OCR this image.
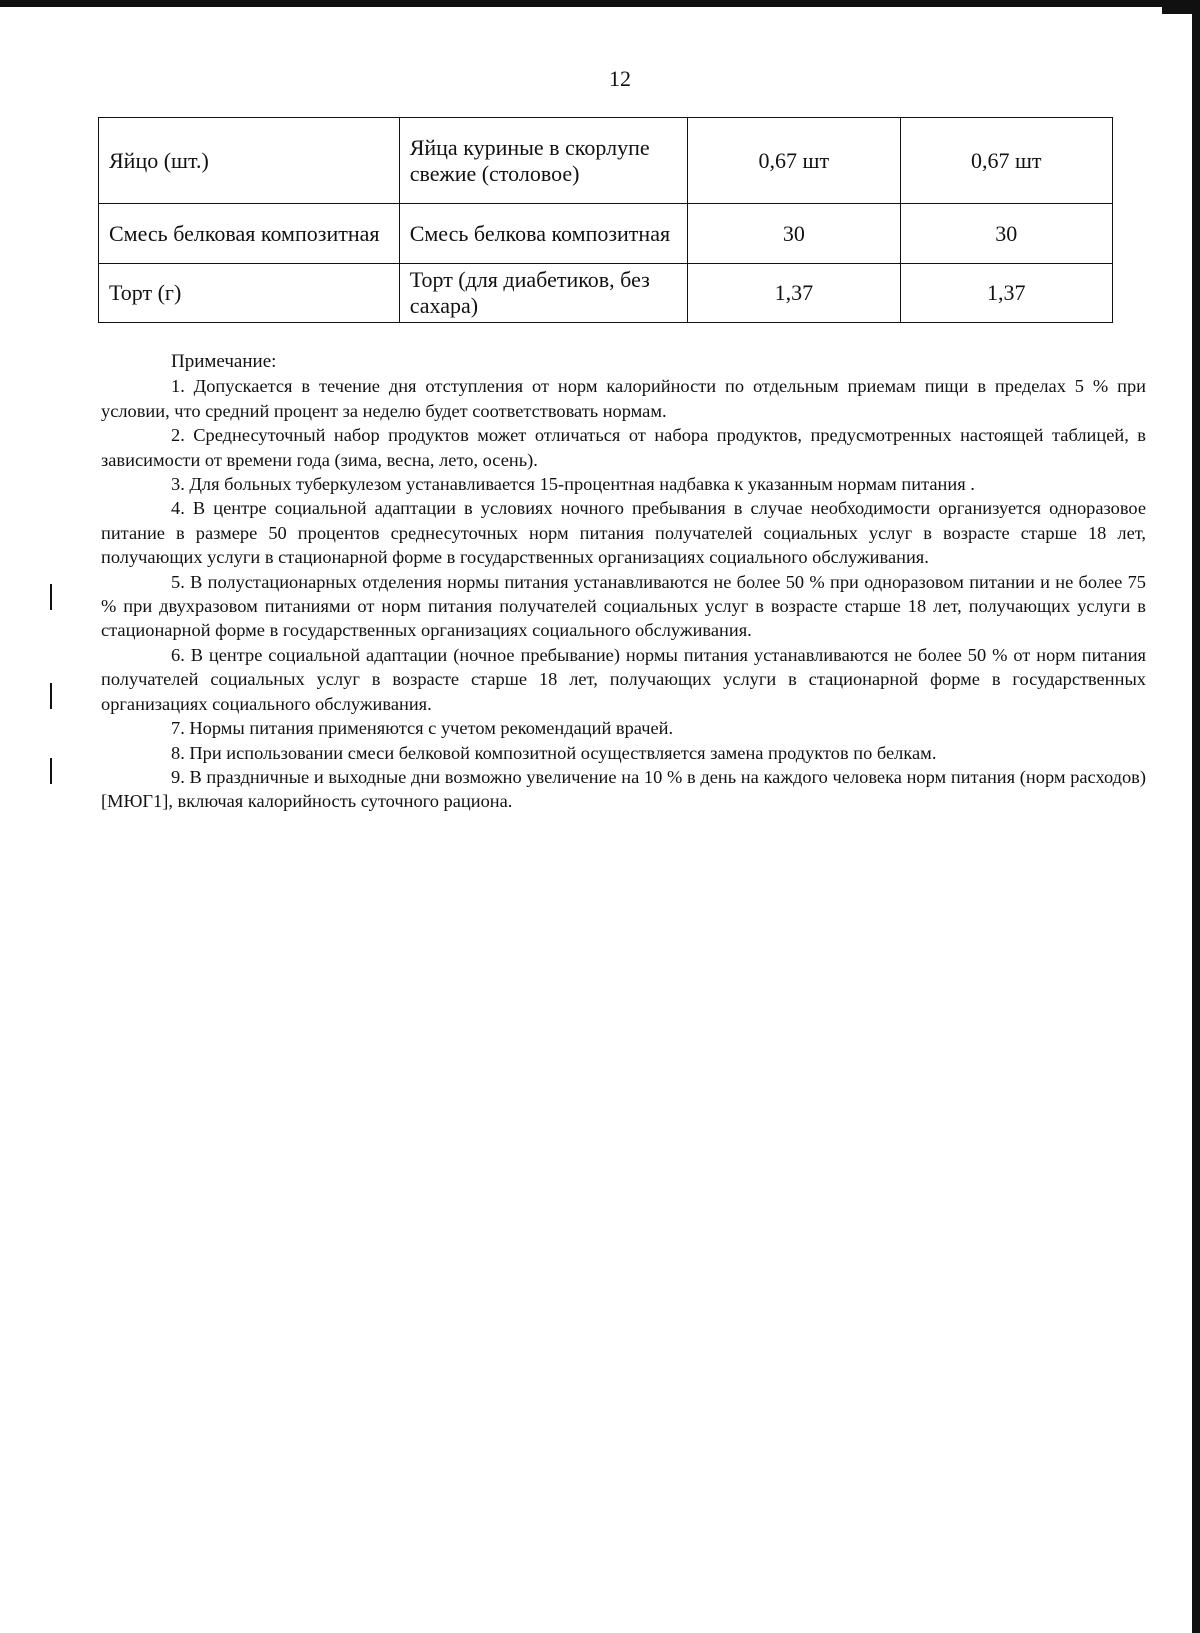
12
Яйцо (шт.)	Яйца куриные в скорлупе свежие (столовое)	0,67 шт	0,67 шт
Смесь белковая композитная	Смесь белкова композитная	30	30
Торт (г)	Торт (для диабетиков, без сахара)	1,37	1,37

Примечание:

1. Допускается в течение дня отступления от норм калорийности по отдельным приемам пищи в пределах 5 % при условии, что средний процент за неделю будет соответствовать нормам.

2. Среднесуточный набор продуктов может отличаться от набора продуктов, предусмотренных настоящей таблицей, в зависимости от времени года (зима, весна, лето, осень).

3. Для больных туберкулезом устанавливается 15-процентная надбавка к указанным нормам питания .

4. В центре социальной адаптации в условиях ночного пребывания в случае необходимости организуется одноразовое питание в размере 50 процентов среднесуточных норм питания получателей социальных услуг в возрасте старше 18 лет, получающих услуги в стационарной форме в государственных организациях социального обслуживания.

5. В полустационарных отделения нормы питания устанавливаются не более 50 % при одноразовом питании и не более 75 % при двухразовом питаниями от норм питания получателей социальных услуг в возрасте старше 18 лет, получающих услуги в стационарной форме в государственных организациях социального обслуживания.

6. В центре социальной адаптации (ночное пребывание) нормы питания устанавливаются не более 50 % от норм питания получателей социальных услуг в возрасте старше 18 лет, получающих услуги в стационарной форме в государственных организациях социального обслуживания.

7. Нормы питания применяются с учетом рекомендаций врачей.

8. При использовании смеси белковой композитной осуществляется замена продуктов по белкам.

9. В праздничные и выходные дни возможно увеличение на 10 % в день на каждого человека норм питания (норм расходов)[МЮГ1], включая калорийность суточного рациона.
